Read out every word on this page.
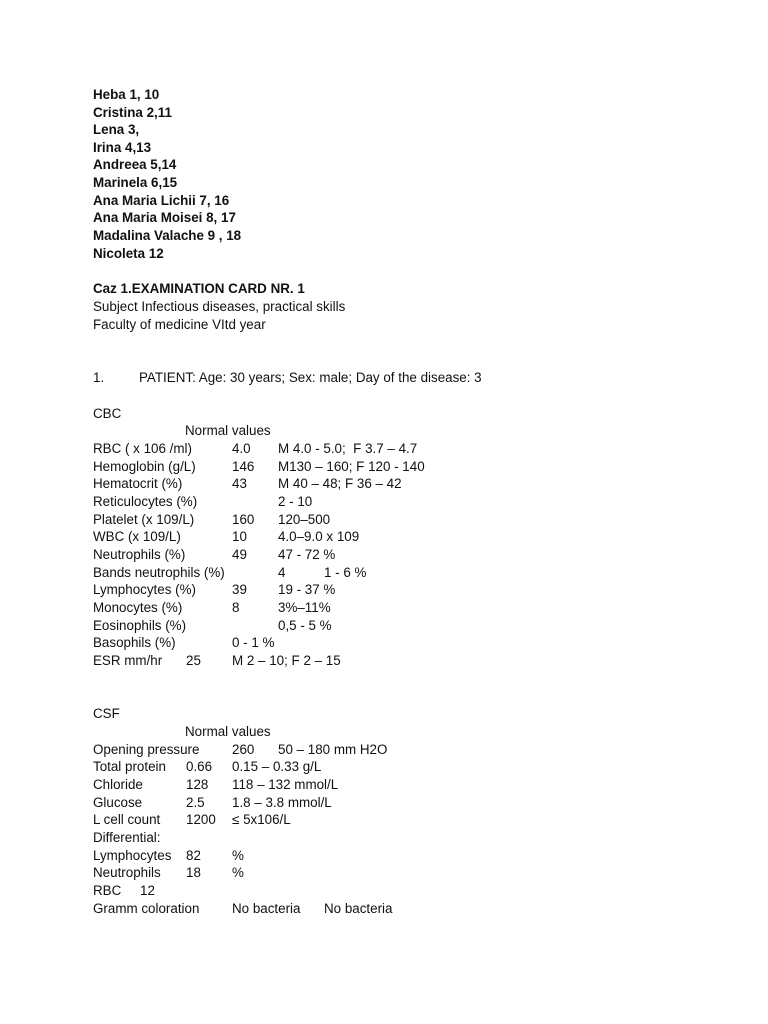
Heba 1, 10
Cristina 2,11
Lena 3,
Irina 4,13
Andreea 5,14
Marinela 6,15
Ana Maria Lichii 7, 16
Ana Maria Moisei 8, 17
Madalina Valache 9 , 18
Nicoleta 12
Caz 1.EXAMINATION CARD NR. 1
Subject Infectious diseases, practical skills
Faculty of medicine VItd year
1.	PATIENT: Age: 30 years; Sex: male; Day of the disease: 3
CBC
Normal values
RBC ( x 106 /ml)	4.0 M 4.0 - 5.0;  F 3.7 – 4.7
Hemoglobin (g/L)	146 M130 – 160; F 120 - 140
Hematocrit (%)	43 M 40 – 48; F 36 – 42
Reticulocytes (%)	2 - 10
Platelet (x 109/L)	160 120–500
WBC (x 109/L)	10 4.0–9.0 x 109
Neutrophils (%)	49 47 - 72 %
Bands neutrophils (%)	4	1 - 6 %
Lymphocytes (%)	39 19 - 37 %
Monocytes (%)	8	3%–11%
Eosinophils (%)	0,5 - 5 %
Basophils (%)	0 - 1 %
ESR mm/hr 25 M 2 – 10; F 2 – 15
CSF
Normal values
Opening pressure 260 50 – 180 mm H2O
Total protein 0.66 0.15 – 0.33 g/L
Chloride	128 118 – 132 mmol/L
Glucose	2.5 1.8 – 3.8 mmol/L
L cell count 1200 ≤ 5x106/L
Differential:
Lymphocytes 82 %
Neutrophils 18 %
RBC 12
Gramm coloration No bacteria No bacteria
